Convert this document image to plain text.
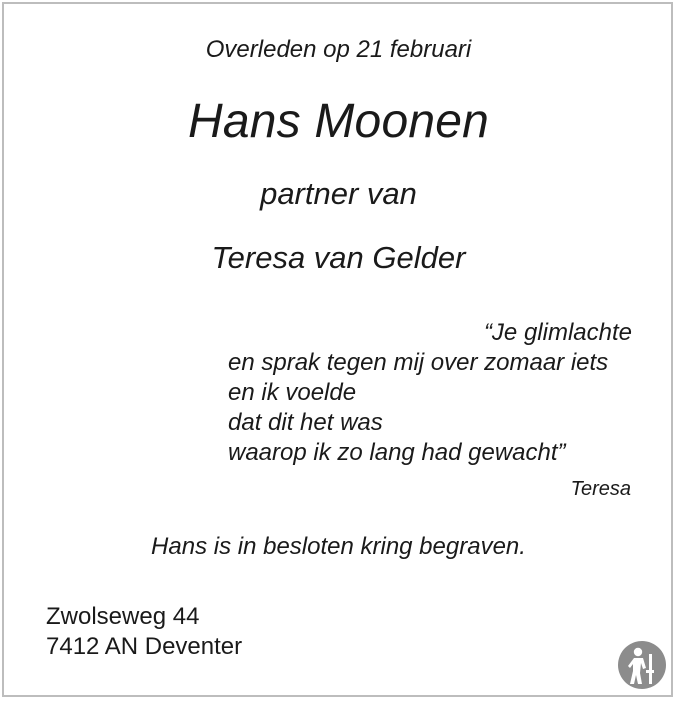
Overleden op 21 februari

Hans Moonen

partner van

Teresa van Gelder

“Je glimlachte
en sprak tegen mij over zomaar iets
en ik voelde
dat dit het was
waarop ik zo lang had gewacht”

Teresa

Hans is in besloten kring begraven.

Zwolseweg 44
7412 AN Deventer
